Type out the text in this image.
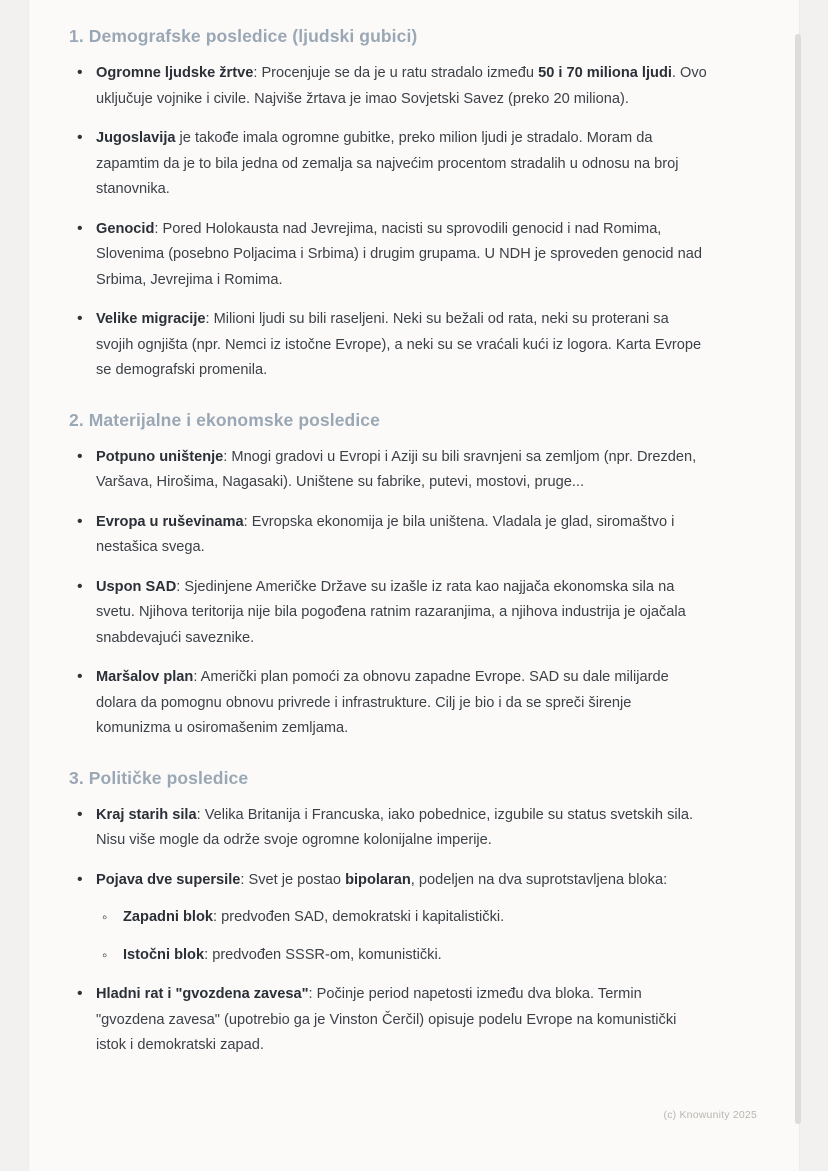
1. Demografske posledice (ljudski gubici)
• Ogromne ljudske žrtve: Procenjuje se da je u ratu stradalo između 50 i 70 miliona ljudi. Ovo uključuje vojnike i civile. Najviše žrtava je imao Sovjetski Savez (preko 20 miliona).
• Jugoslavija je takođe imala ogromne gubitke, preko milion ljudi je stradalo. Moram da zapamtim da je to bila jedna od zemalja sa najvećim procentom stradalih u odnosu na broj stanovnika.
• Genocid: Pored Holokausta nad Jevrejima, nacisti su sprovodili genocid i nad Romima, Slovenima (posebno Poljacima i Srbima) i drugim grupama. U NDH je sproveden genocid nad Srbima, Jevrejima i Romima.
• Velike migracije: Milioni ljudi su bili raseljeni. Neki su bežali od rata, neki su proterani sa svojih ognjišta (npr. Nemci iz istočne Evrope), a neki su se vraćali kući iz logora. Karta Evrope se demografski promenila.
2. Materijalne i ekonomske posledice
• Potpuno uništenje: Mnogi gradovi u Evropi i Aziji su bili sravnjeni sa zemljom (npr. Drezden, Varšava, Hirošima, Nagasaki). Uništene su fabrike, putevi, mostovi, pruge...
• Evropa u ruševinama: Evropska ekonomija je bila uništena. Vladala je glad, siromaštvo i nestašica svega.
• Uspon SAD: Sjedinjene Američke Države su izašle iz rata kao najjača ekonomska sila na svetu. Njihova teritorija nije bila pogođena ratnim razaranjima, a njihova industrija je ojačala snabdevajući saveznike.
• Maršalov plan: Američki plan pomoći za obnovu zapadne Evrope. SAD su dale milijarde dolara da pomognu obnovu privrede i infrastrukture. Cilj je bio i da se spreči širenje komunizma u osiromašenim zemljama.
3. Političke posledice
• Kraj starih sila: Velika Britanija i Francuska, iako pobednice, izgubile su status svetskih sila. Nisu više mogle da održe svoje ogromne kolonijalne imperije.
• Pojava dve supersile: Svet je postao bipolaran, podeljen na dva suprotstavljena bloka:
◦ Zapadni blok: predvođen SAD, demokratski i kapitalistički.
◦ Istočni blok: predvođen SSSR-om, komunistički.
• Hladni rat i "gvozdena zavesa": Počinje period napetosti između dva bloka. Termin "gvozdena zavesa" (upotrebio ga je Vinston Čerčil) opisuje podelu Evrope na komunistički istok i demokratski zapad.
(c) Knowunity 2025
